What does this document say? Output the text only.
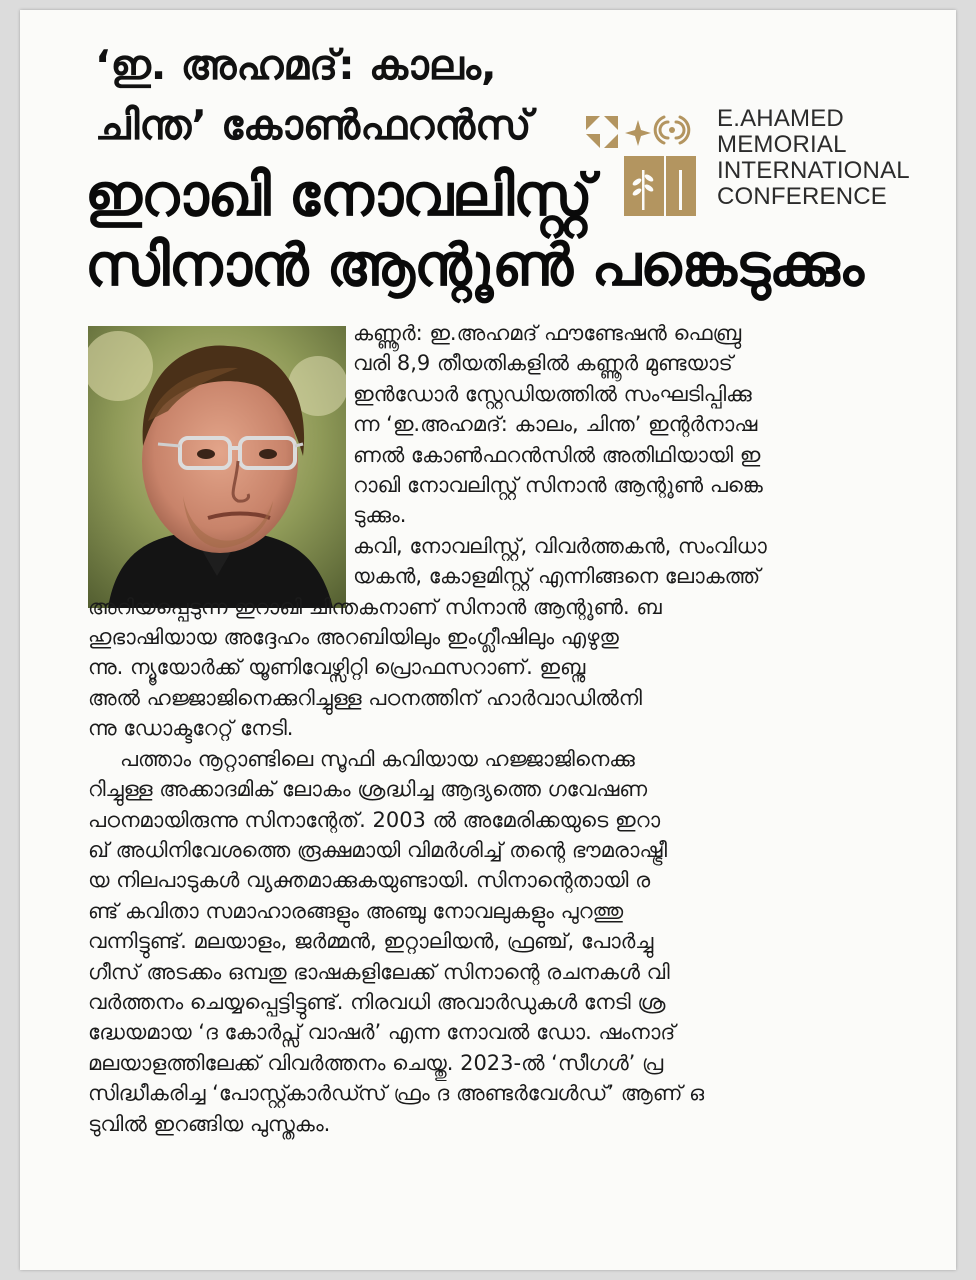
‘ഇ. അഹമദ്: കാലം,
ചിന്ത’ കോൺഫറൻസ്	E.AHAMED
MEMORIAL
INTERNATIONAL
CONFERENCE
ഇറാഖി നോവലിസ്റ്റ്
സിനാൻ ആന്റൂൺ പങ്കെടുക്കും
കണ്ണൂർ: ഇ.അഹമദ് ഫൗണ്ടേഷൻ ഫെബ്രു
വരി 8,9 തീയതികളിൽ കണ്ണൂർ മുണ്ടയാട്
ഇൻഡോർ സ്റ്റേഡിയത്തിൽ സംഘടിപ്പിക്കു
ന്ന ‘ഇ.അഹമദ്: കാലം, ചിന്ത’ ഇന്റർനാഷ
ണൽ കോൺഫറൻസിൽ അതിഥിയായി ഇ
റാഖി നോവലിസ്റ്റ് സിനാൻ ആന്റൂൺ പങ്കെ
ടുക്കും.
കവി, നോവലിസ്റ്റ്, വിവർത്തകൻ, സംവിധാ
യകൻ, കോളമിസ്റ്റ് എന്നിങ്ങനെ ലോകത്ത്
അറിയപ്പെടുന്ന ഇറാഖി ചിന്തകനാണ് സിനാൻ ആന്റൂൺ. ബ
ഹുഭാഷിയായ അദ്ദേഹം അറബിയിലും ഇംഗ്ലീഷിലും എഴുതു
ന്നു. ന്യൂയോർക്ക് യൂണിവേഴ്സിറ്റി പ്രൊഫസറാണ്. ഇബ്നു
അൽ ഹജ്ജാജിനെക്കുറിച്ചുള്ള പഠനത്തിന് ഹാർവാഡിൽനി
ന്നു ഡോക്ടറേറ്റ് നേടി.
പത്താം നൂറ്റാണ്ടിലെ സൂഫി കവിയായ ഹജ്ജാജിനെക്കു
റിച്ചുള്ള അക്കാദമിക് ലോകം ശ്രദ്ധിച്ച ആദ്യത്തെ ഗവേഷണ
പഠനമായിരുന്നു സിനാന്റേത്. 2003 ൽ അമേരിക്കയുടെ ഇറാ
ഖ് അധിനിവേശത്തെ രൂക്ഷമായി വിമർശിച്ച് തന്റെ ഭൗമരാഷ്ട്രീ
യ നിലപാടുകൾ വ്യക്തമാക്കുകയുണ്ടായി. സിനാന്റെതായി ര
ണ്ട് കവിതാ സമാഹാരങ്ങളും അഞ്ചു നോവലുകളും പുറത്തു
വന്നിട്ടുണ്ട്. മലയാളം, ജർമ്മൻ, ഇറ്റാലിയൻ, ഫ്രഞ്ച്, പോർച്ചു
ഗീസ് അടക്കം ഒമ്പതു ഭാഷകളിലേക്ക് സിനാന്റെ രചനകൾ വി
വർത്തനം ചെയ്യപ്പെട്ടിട്ടുണ്ട്. നിരവധി അവാർഡുകൾ നേടി ശ്ര
ദ്ധേയമായ ‘ദ കോർപ്സ് വാഷർ’ എന്ന നോവൽ ഡോ. ഷംനാദ്
മലയാളത്തിലേക്ക് വിവർത്തനം ചെയ്തു. 2023-ൽ ‘സീഗൾ’ പ്ര
സിദ്ധീകരിച്ച ‘പോസ്റ്റ്കാർഡ്സ് ഫ്രം ദ അണ്ടർവേൾഡ്’ ആണ് ഒ
ടുവിൽ ഇറങ്ങിയ പുസ്തകം.
